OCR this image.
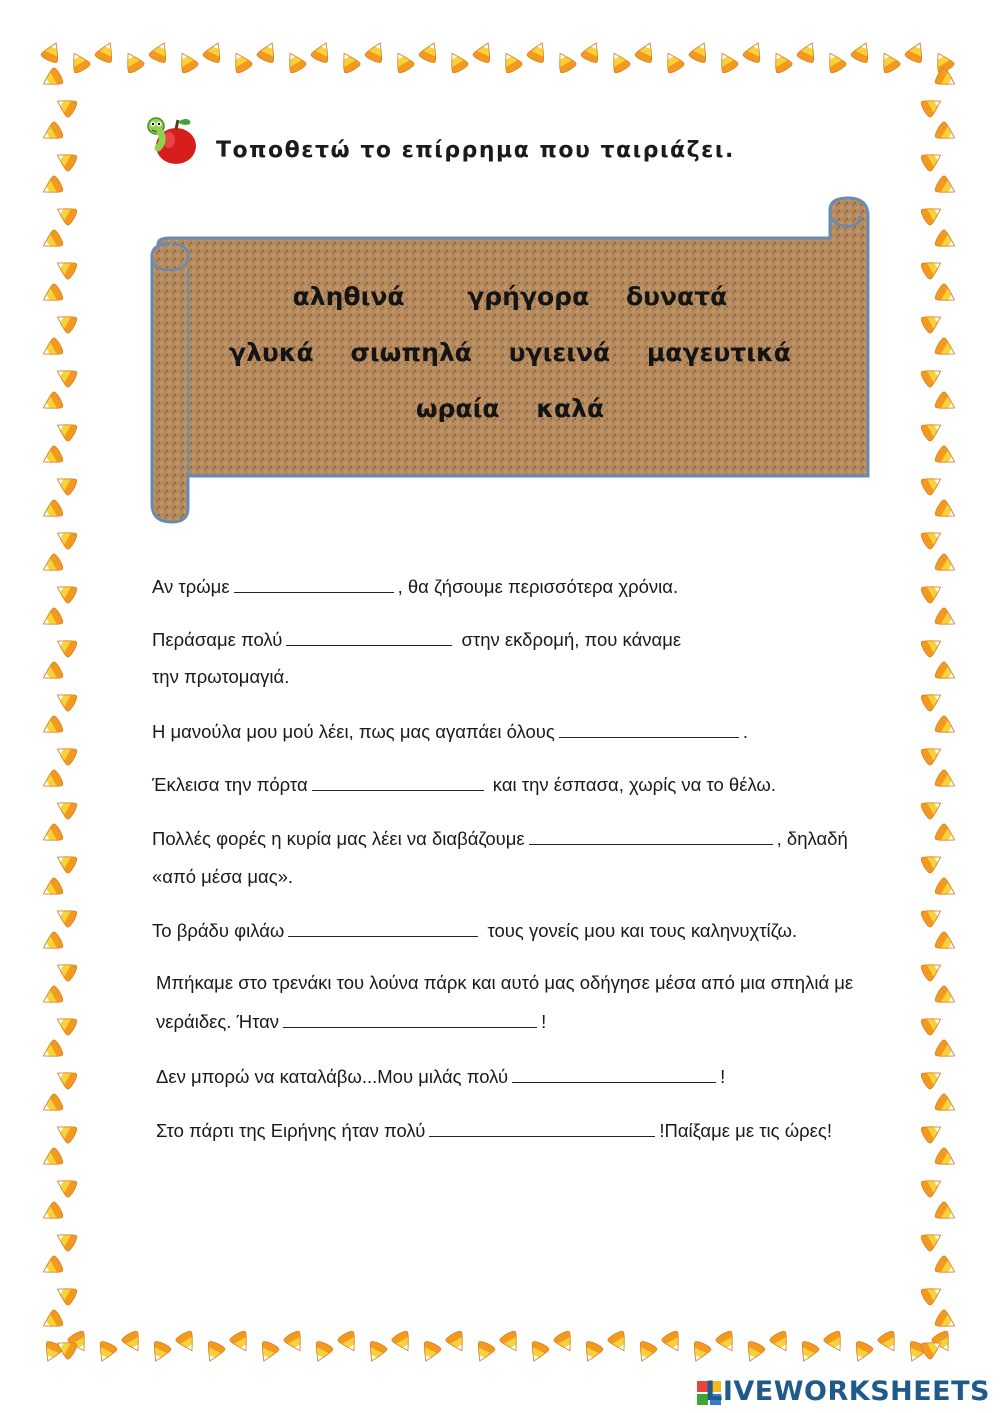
Τοποθετώ το επίρρημα που ταιριάζει.
αληθινά	γρήγορα δυνατά
γλυκά σιωπηλά υγιεινά μαγευτικά
ωραία καλά
Αν τρώμε	, θα ζήσουμε περισσότερα χρόνια.
Περάσαμε πολύ	στην εκδρομή, που κάναμε
την πρωτομαγιά.
Η μανούλα μου μού λέει, πως μας αγαπάει όλους	.
Έκλεισα την πόρτα	και την έσπασα, χωρίς να το θέλω.
Πολλές φορές η κυρία μας λέει να διαβάζουμε	, δηλαδή
«από μέσα μας».
Το βράδυ φιλάω	τους γονείς μου και τους καληνυχτίζω.
Μπήκαμε στο τρενάκι του λούνα πάρκ και αυτό μας οδήγησε μέσα από μια σπηλιά με
νεράιδες. Ήταν	!
Δεν μπορώ να καταλάβω...Μου μιλάς πολύ	!
Στο πάρτι της Ειρήνης ήταν πολύ	!Παίξαμε με τις ώρες!
LIVEWORKSHEETS
